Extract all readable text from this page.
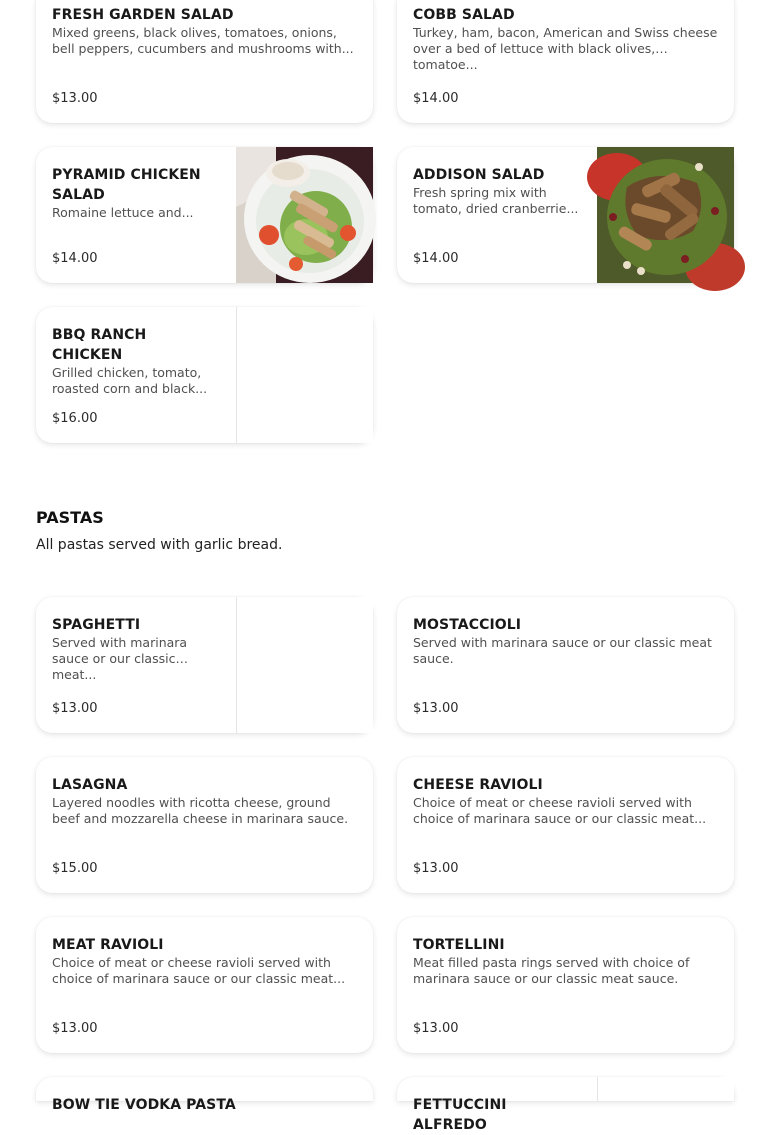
FRESH GARDEN SALAD
Mixed greens, black olives, tomatoes, onions, bell peppers, cucumbers and mushrooms with...
$13.00
COBB SALAD
Turkey, ham, bacon, American and Swiss cheese over a bed of lettuce with black olives, tomatoe...
$14.00
PYRAMID CHICKEN SALAD
Romaine lettuce and...
$14.00
ADDISON SALAD
Fresh spring mix with tomato, dried cranberrie...
$14.00
BBQ RANCH CHICKEN
Grilled chicken, tomato, roasted corn and black...
$16.00
PASTAS
All pastas served with garlic bread.
SPAGHETTI
Served with marinara sauce or our classic meat...
$13.00
MOSTACCIOLI
Served with marinara sauce or our classic meat sauce.
$13.00
LASAGNA
Layered noodles with ricotta cheese, ground beef and mozzarella cheese in marinara sauce.
$15.00
CHEESE RAVIOLI
Choice of meat or cheese ravioli served with choice of marinara sauce or our classic meat...
$13.00
MEAT RAVIOLI
Choice of meat or cheese ravioli served with choice of marinara sauce or our classic meat...
$13.00
TORTELLINI
Meat filled pasta rings served with choice of marinara sauce or our classic meat sauce.
$13.00
BOW TIE VODKA PASTA	FETTUCCINI ALFREDO
